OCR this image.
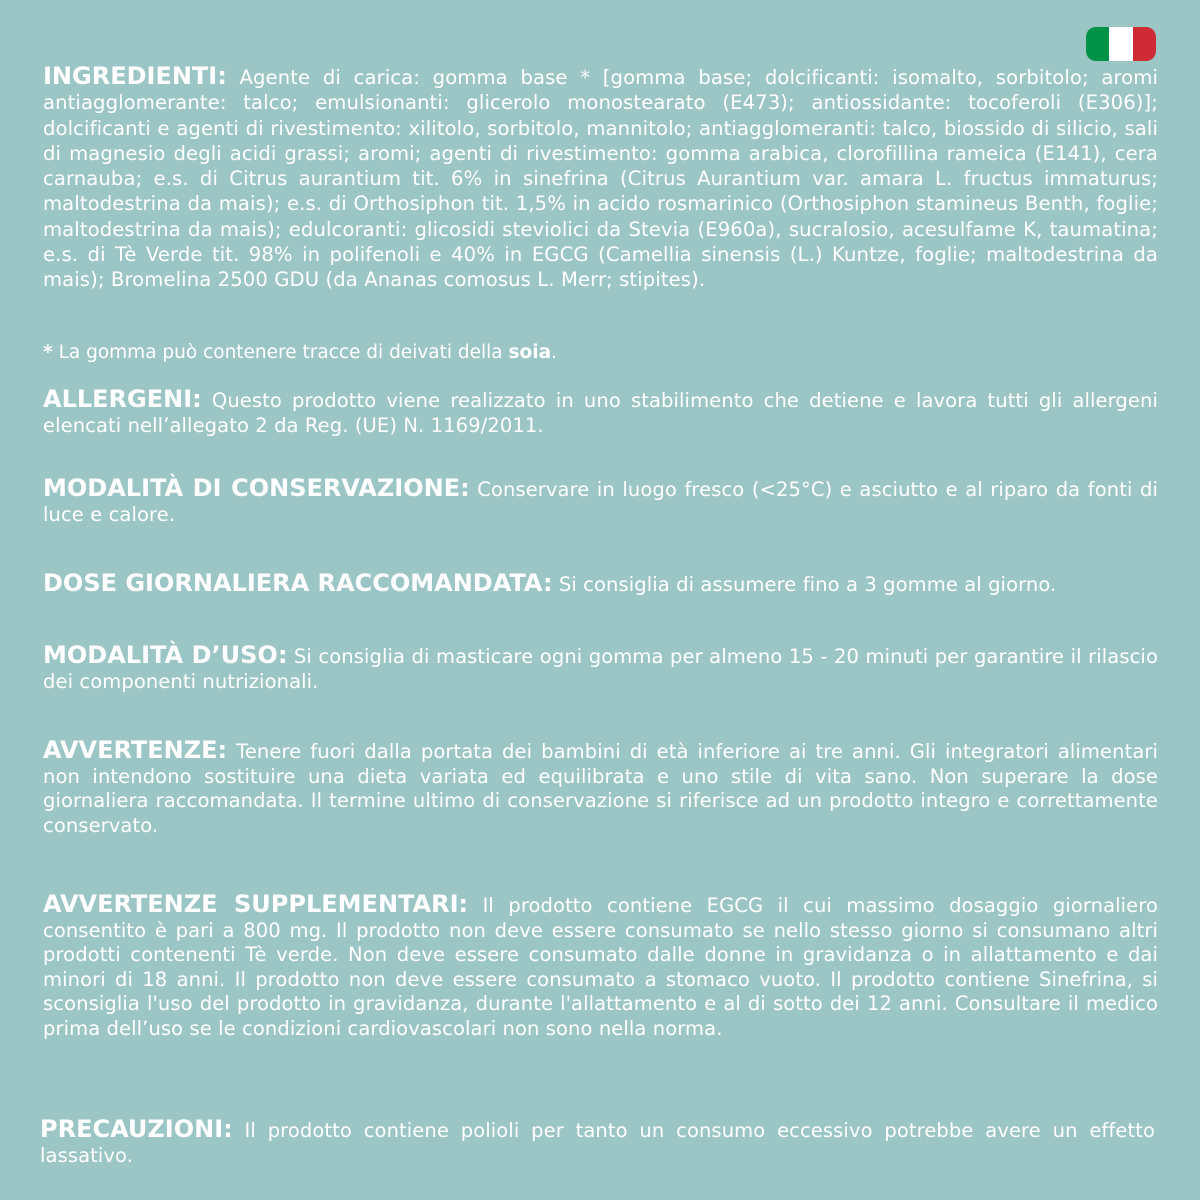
INGREDIENTI: Agente di carica: gomma base * [gomma base; dolcificanti: isomalto, sorbitolo; aromi antiagglomerante: talco; emulsionanti: glicerolo monostearato (E473); antiossidante: tocoferoli (E306)]; dolcificanti e agenti di rivestimento: xilitolo, sorbitolo, mannitolo; antiagglomeranti: talco, biossido di silicio, sali di magnesio degli acidi grassi; aromi; agenti di rivestimento: gomma arabica, clorofillina rameica (E141), cera carnauba; e.s. di Citrus aurantium tit. 6% in sinefrina (Citrus Aurantium var. amara L. fructus immaturus; maltodestrina da mais); e.s. di Orthosiphon tit. 1,5% in acido rosmarinico (Orthosiphon stamineus Benth, foglie; maltodestrina da mais); edulcoranti: glicosidi steviolici da Stevia (E960a), sucralosio, acesulfame K, taumatina; e.s. di Tè Verde tit. 98% in polifenoli e 40% in EGCG (Camellia sinensis (L.) Kuntze, foglie; maltodestrina da mais); Bromelina 2500 GDU (da Ananas comosus L. Merr; stipites).

* La gomma può contenere tracce di deivati della soia.

ALLERGENI: Questo prodotto viene realizzato in uno stabilimento che detiene e lavora tutti gli allergeni elencati nell’allegato 2 da Reg. (UE) N. 1169/2011.

MODALITÀ DI CONSERVAZIONE: Conservare in luogo fresco (<25°C) e asciutto e al riparo da fonti di luce e calore.

DOSE GIORNALIERA RACCOMANDATA: Si consiglia di assumere fino a 3 gomme al giorno.

MODALITÀ D’USO: Si consiglia di masticare ogni gomma per almeno 15 - 20 minuti per garantire il rilascio dei componenti nutrizionali.

AVVERTENZE: Tenere fuori dalla portata dei bambini di età inferiore ai tre anni. Gli integratori alimentari non intendono sostituire una dieta variata ed equilibrata e uno stile di vita sano. Non superare la dose giornaliera raccomandata. Il termine ultimo di conservazione si riferisce ad un prodotto integro e correttamente conservato.

AVVERTENZE SUPPLEMENTARI: Il prodotto contiene EGCG il cui massimo dosaggio giornaliero consentito è pari a 800 mg. Il prodotto non deve essere consumato se nello stesso giorno si consumano altri prodotti contenenti Tè verde. Non deve essere consumato dalle donne in gravidanza o in allattamento e dai minori di 18 anni. Il prodotto non deve essere consumato a stomaco vuoto. Il prodotto contiene Sinefrina, si sconsiglia l'uso del prodotto in gravidanza, durante l'allattamento e al di sotto dei 12 anni. Consultare il medico prima dell’uso se le condizioni cardiovascolari non sono nella norma.

PRECAUZIONI: Il prodotto contiene polioli per tanto un consumo eccessivo potrebbe avere un effetto lassativo.
